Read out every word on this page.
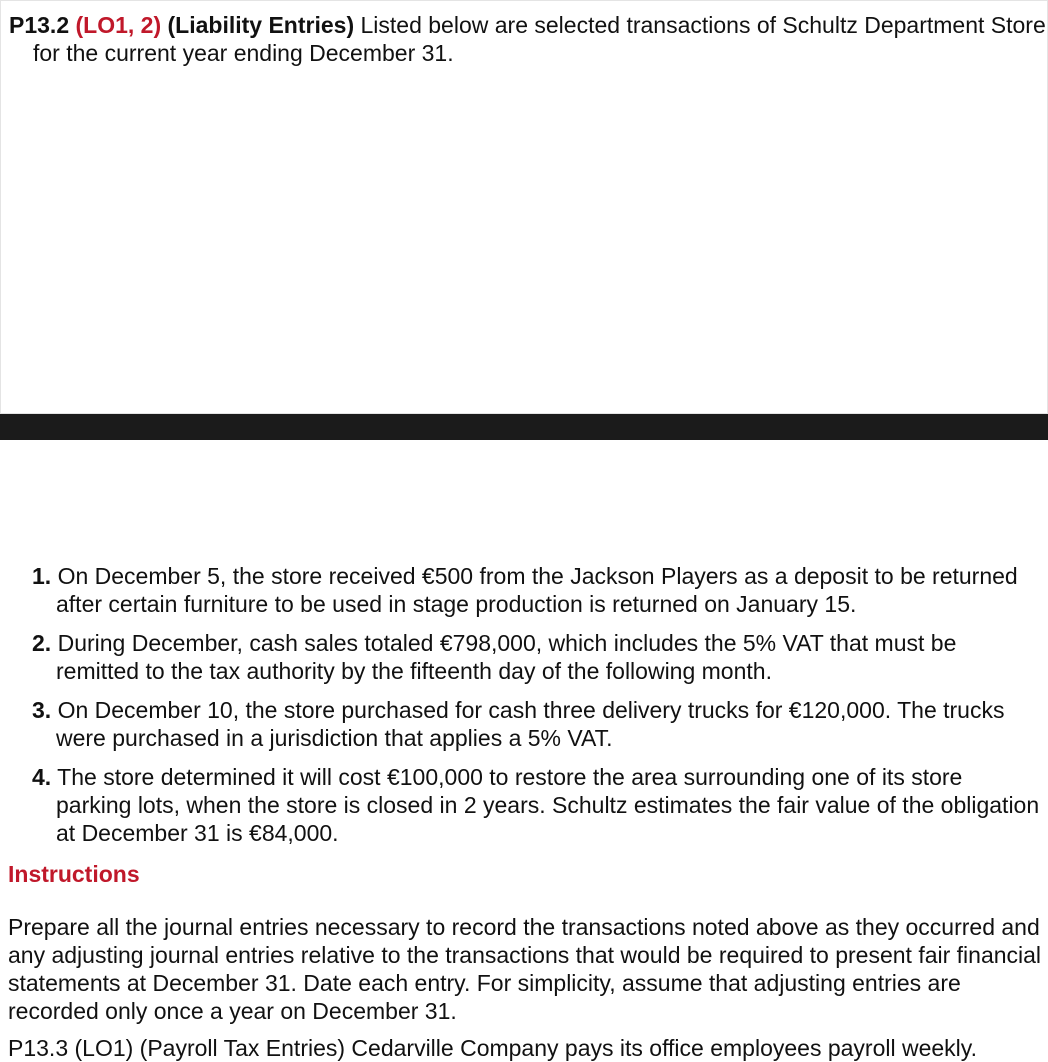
P13.2 (LO1, 2) (Liability Entries) Listed below are selected transactions of Schultz Department Store for the current year ending December 31.

1. On December 5, the store received €500 from the Jackson Players as a deposit to be returned after certain furniture to be used in stage production is returned on January 15.
2. During December, cash sales totaled €798,000, which includes the 5% VAT that must be remitted to the tax authority by the fifteenth day of the following month.
3. On December 10, the store purchased for cash three delivery trucks for €120,000. The trucks were purchased in a jurisdiction that applies a 5% VAT.
4. The store determined it will cost €100,000 to restore the area surrounding one of its store parking lots, when the store is closed in 2 years. Schultz estimates the fair value of the obligation at December 31 is €84,000.
Instructions

Prepare all the journal entries necessary to record the transactions noted above as they occurred and any adjusting journal entries relative to the transactions that would be required to present fair financial statements at December 31. Date each entry. For simplicity, assume that adjusting entries are recorded only once a year on December 31.

P13.3 (LO1) (Payroll Tax Entries) Cedarville Company pays its office employees payroll weekly.
